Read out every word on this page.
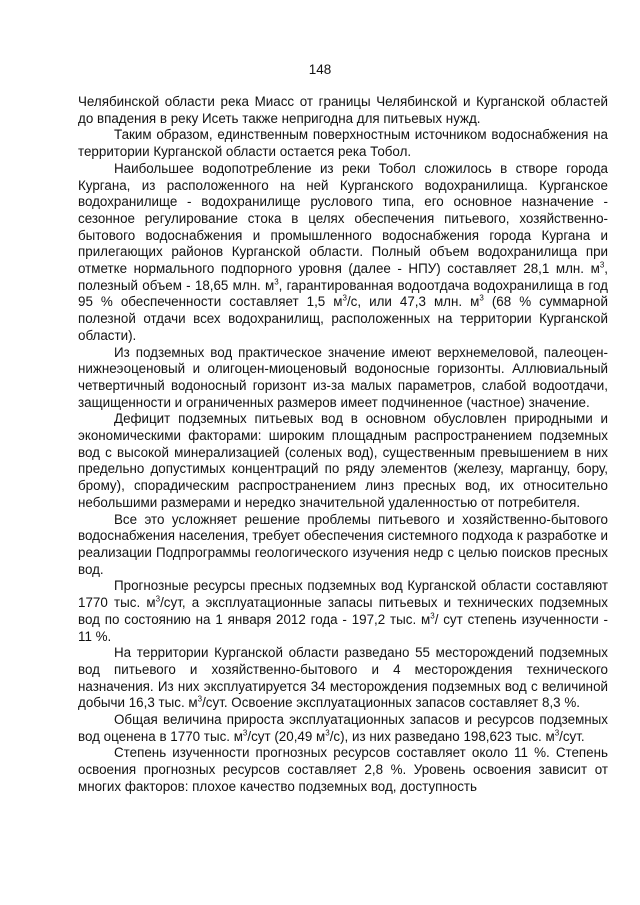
148

Челябинской области река Миасс от границы Челябинской и Курганской областей до впадения в реку Исеть также непригодна для питьевых нужд.

Таким образом, единственным поверхностным источником водоснабжения на территории Курганской области остается река Тобол.

Наибольшее водопотребление из реки Тобол сложилось в створе города Кургана, из расположенного на ней Курганского водохранилища. Курганское водохранилище - водохранилище руслового типа, его основное назначение - сезонное регулирование стока в целях обеспечения питьевого, хозяйственно-бытового водоснабжения и промышленного водоснабжения города Кургана и прилегающих районов Курганской области. Полный объем водохранилища при отметке нормального подпорного уровня (далее - НПУ) составляет 28,1 млн. $м^3$, полезный объем - 18,65 млн. $м^3$, гарантированная водоотдача водохранилища в год 95 % обеспеченности составляет 1,5 $м^3/с$, или 47,3 млн. $м^3$ (68 % суммарной полезной отдачи всех водохранилищ, расположенных на территории Курганской области).

Из подземных вод практическое значение имеют верхнемеловой, палеоцен-нижнеэоценовый и олигоцен-миоценовый водоносные горизонты. Аллювиальный четвертичный водоносный горизонт из-за малых параметров, слабой водоотдачи, защищенности и ограниченных размеров имеет подчиненное (частное) значение.

Дефицит подземных питьевых вод в основном обусловлен природными и экономическими факторами: широким площадным распространением подземных вод с высокой минерализацией (соленых вод), существенным превышением в них предельно допустимых концентраций по ряду элементов (железу, марганцу, бору, брому), спорадическим распространением линз пресных вод, их относительно небольшими размерами и нередко значительной удаленностью от потребителя.

Все это усложняет решение проблемы питьевого и хозяйственно-бытового водоснабжения населения, требует обеспечения системного подхода к разработке и реализации Подпрограммы геологического изучения недр с целью поисков пресных вод.

Прогнозные ресурсы пресных подземных вод Курганской области составляют 1770 тыс. $м^3$/сут, а эксплуатационные запасы питьевых и технических подземных вод по состоянию на 1 января 2012 года - 197,2 тыс. $м^3/$ сут степень изученности - 11 %.

На территории Курганской области разведано 55 месторождений подземных вод питьевого и хозяйственно-бытового и 4 месторождения технического назначения. Из них эксплуатируется 34 месторождения подземных вод с величиной добычи 16,3 тыс. $м^3$/сут. Освоение эксплуатационных запасов составляет 8,3 %.

Общая величина прироста эксплуатационных запасов и ресурсов подземных вод оценена в 1770 тыс. $м^3$/сут (20,49 $м^3/с$), из них разведано 198,623 тыс. $м^3$/сут.

Степень изученности прогнозных ресурсов составляет около 11 %. Степень освоения прогнозных ресурсов составляет 2,8 %. Уровень освоения зависит от многих факторов: плохое качество подземных вод, доступность
